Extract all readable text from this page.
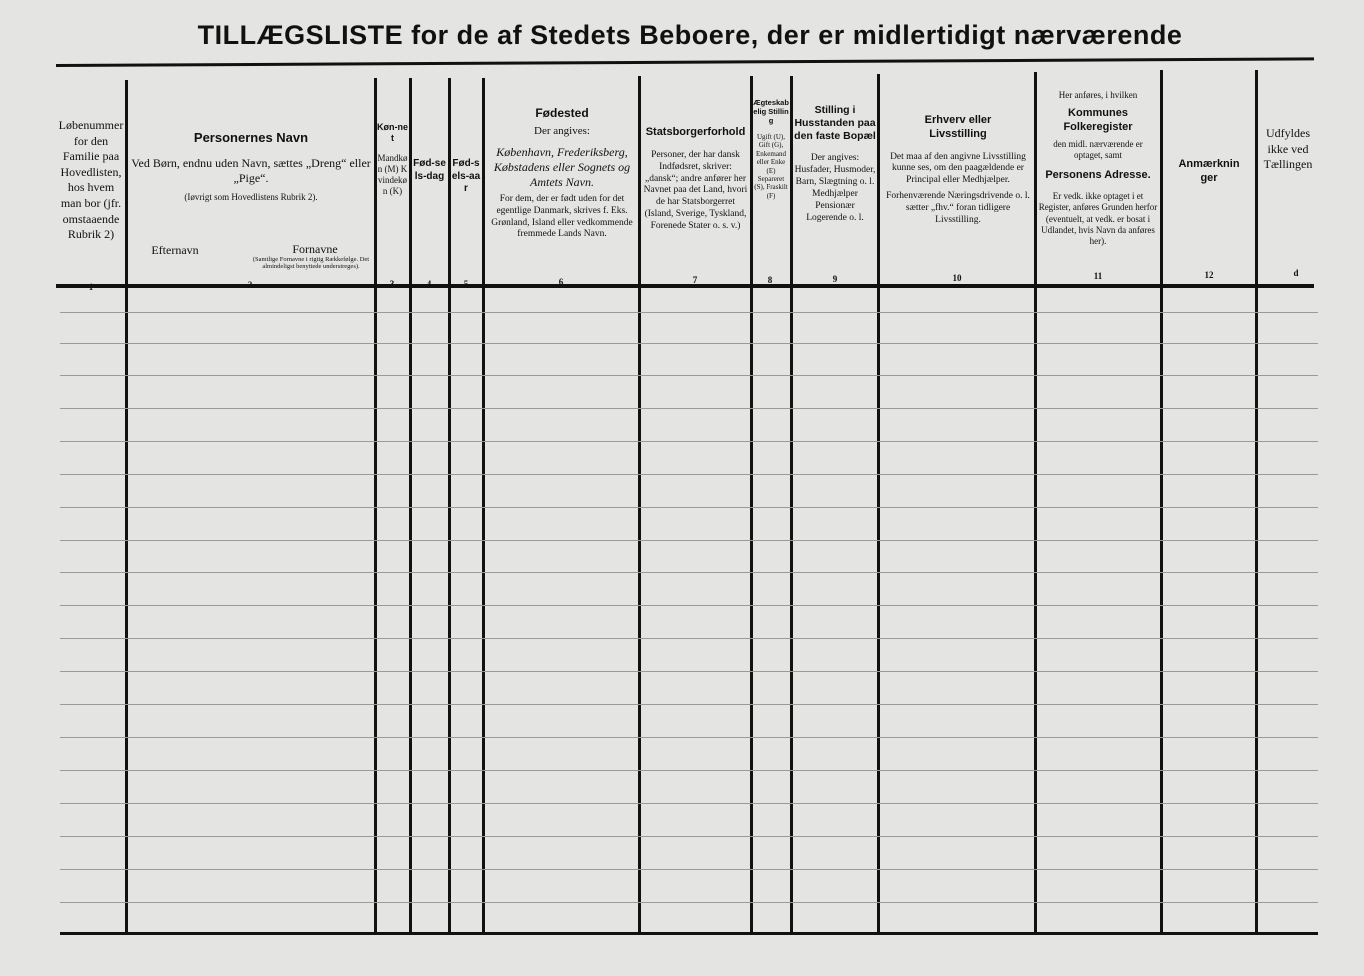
TILLÆGSLISTE for de af Stedets Beboere, der er midlertidigt nærværende
Løbenummer for den Familie paa Hovedlisten, hos hvem man bor (jfr. omstaaende Rubrik 2)
Personernes Navn
Ved Børn, endnu uden Navn, sættes „Dreng“ eller „Pige“.
(Iøvrigt som Hovedlistens Rubrik 2).
Efternavn	Fornavne
(Samtlige Fornavne i rigtig Rækkefølge. Det almindeligst benyttede understreges).
Køn-net
Mandkøn (M) Kvindekøn (K)
Fød-sels-dag
Fød-sels-aar
Fødested
Der angives:
København, Frederiksberg, Købstadens eller Sognets og Amtets Navn.
For dem, der er født uden for det egentlige Danmark, skrives f. Eks. Grønland, Island eller vedkommende fremmede Lands Navn.
Statsborgerforhold
Personer, der har dansk Indfødsret, skriver: „dansk“; andre anfører her Navnet paa det Land, hvori de har Statsborgerret (Island, Sverige, Tyskland, Forenede Stater o. s. v.)
Ægteskabelig Stilling
Ugift (U), Gift (G), Enkemand eller Enke (E) Separeret (S), Fraskilt (F)
Stilling i Husstanden paa den faste Bopæl
Der angives: Husfader, Husmoder, Barn, Slægtning o. l. Medhjælper Pensionær Logerende o. l.
Erhverv eller Livsstilling
Det maa af den angivne Livsstilling kunne ses, om den paagældende er Principal eller Medhjælper.
Forhenværende Næringsdrivende o. l. sætter „fhv.“ foran tidligere Livsstilling.
Her anføres, i hvilken
Kommunes Folkeregister
den midl. nærværende er optaget, samt
Personens Adresse.
Er vedk. ikke optaget i et Register, anføres Grunden herfor (eventuelt, at vedk. er bosat i Udlandet, hvis Navn da anføres her).
Anmærkninger
Udfyldes ikke ved Tællingen
1	2	3	4	5	6	7	8	9	10	11	12	d
